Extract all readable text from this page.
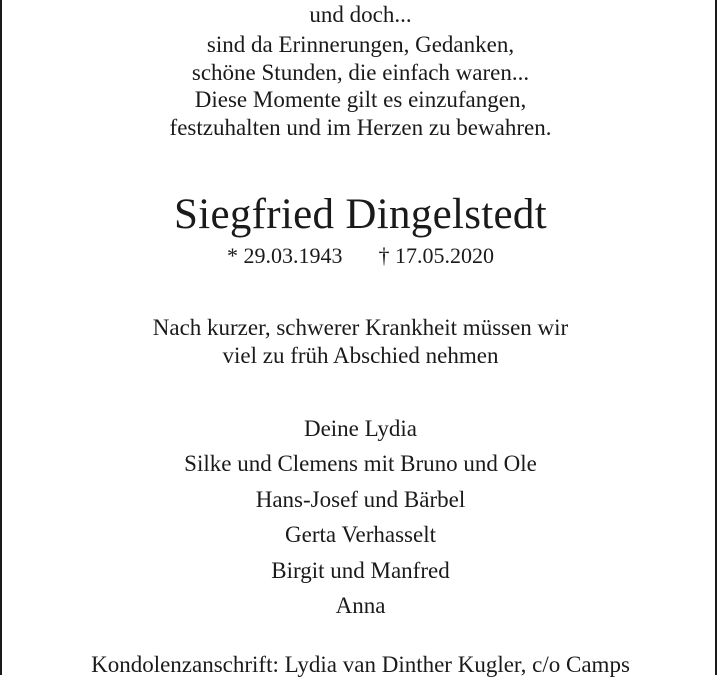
und doch...
sind da Erinnerungen, Gedanken,
schöne Stunden, die einfach waren...
Diese Momente gilt es einzufangen,
festzuhalten und im Herzen zu bewahren.
Siegfried Dingelstedt
* 29.03.1943 † 17.05.2020
Nach kurzer, schwerer Krankheit müssen wir
viel zu früh Abschied nehmen
Deine Lydia
Silke und Clemens mit Bruno und Ole
Hans-Josef und Bärbel
Gerta Verhasselt
Birgit und Manfred
Anna
Kondolenzanschrift: Lydia van Dinther Kugler, c/o Camps
